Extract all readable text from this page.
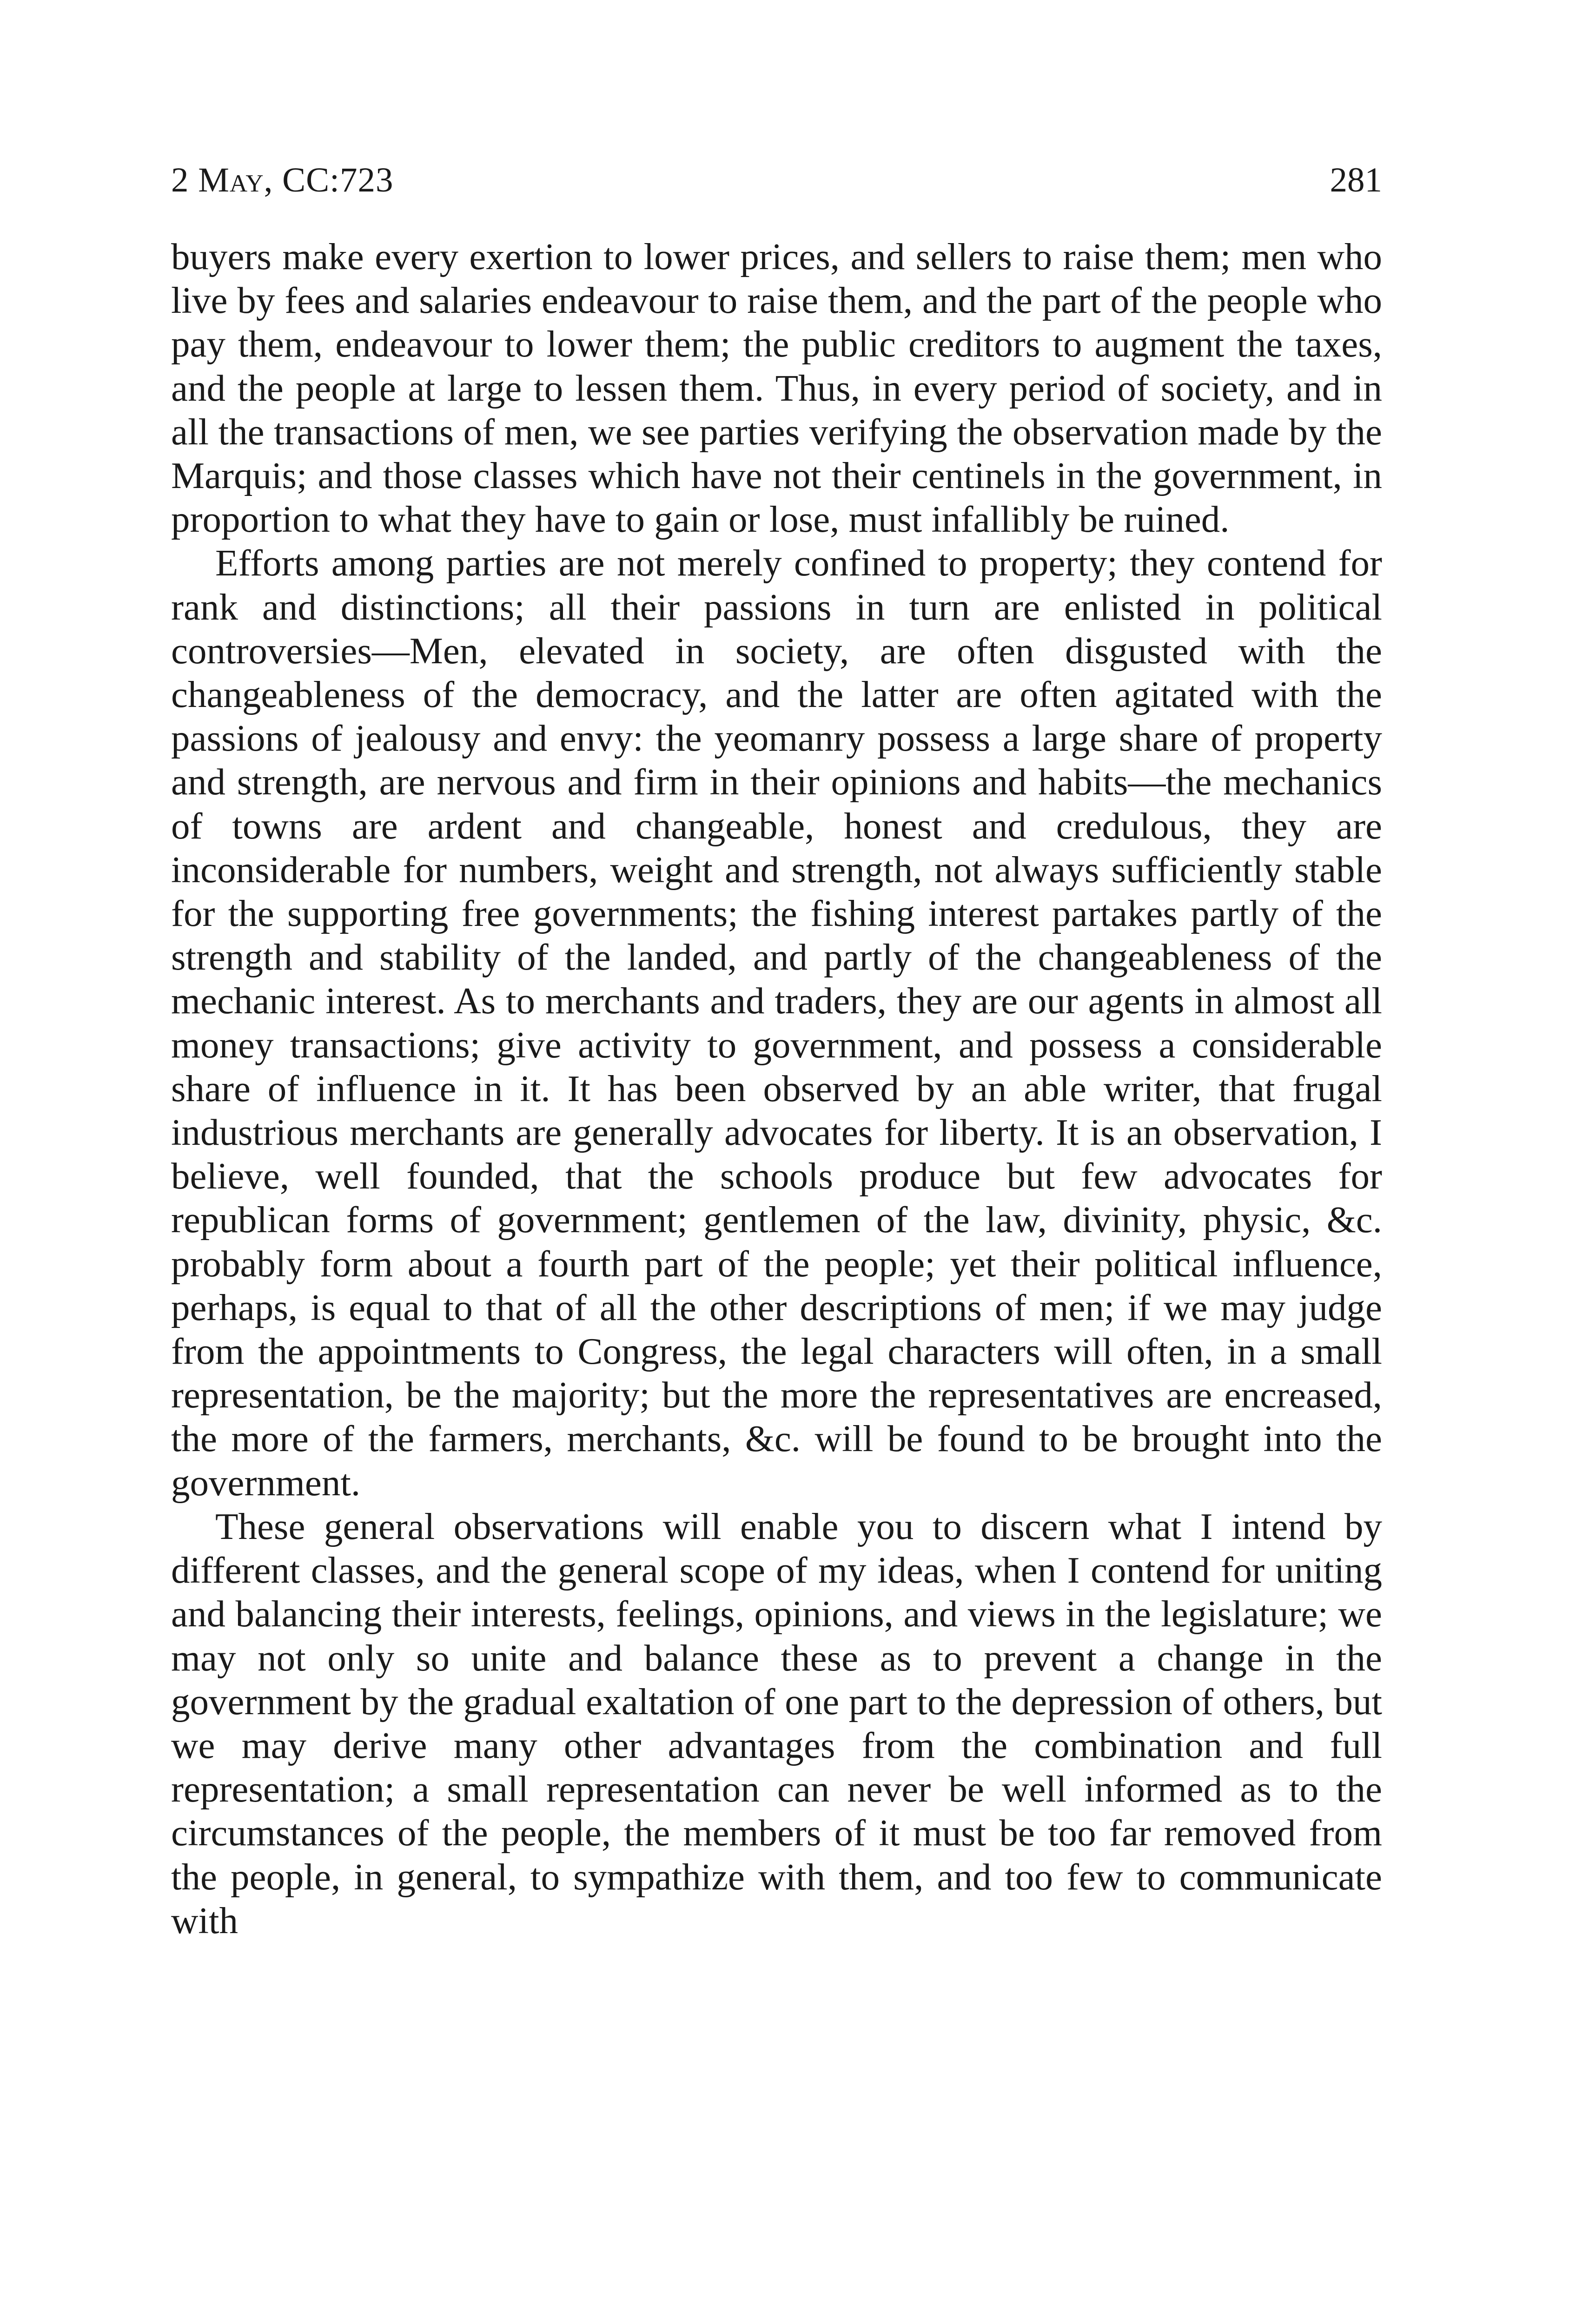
2 May, CC:723	281

buyers make every exertion to lower prices, and sellers to raise them; men who live by fees and salaries endeavour to raise them, and the part of the people who pay them, endeavour to lower them; the public creditors to augment the taxes, and the people at large to lessen them. Thus, in every period of society, and in all the transactions of men, we see parties verifying the observation made by the Marquis; and those classes which have not their centinels in the government, in proportion to what they have to gain or lose, must infallibly be ruined.

Efforts among parties are not merely confined to property; they contend for rank and distinctions; all their passions in turn are enlisted in political controversies—Men, elevated in society, are often disgusted with the changeableness of the democracy, and the latter are often agitated with the passions of jealousy and envy: the yeomanry possess a large share of property and strength, are nervous and firm in their opinions and habits—the mechanics of towns are ardent and changeable, honest and credulous, they are inconsiderable for numbers, weight and strength, not always sufficiently stable for the supporting free governments; the fishing interest partakes partly of the strength and stability of the landed, and partly of the changeableness of the mechanic interest. As to merchants and traders, they are our agents in almost all money transactions; give activity to government, and possess a considerable share of influence in it. It has been observed by an able writer, that frugal industrious merchants are generally advocates for liberty. It is an observation, I believe, well founded, that the schools produce but few advocates for republican forms of government; gentlemen of the law, divinity, physic, &c. probably form about a fourth part of the people; yet their political influence, perhaps, is equal to that of all the other descriptions of men; if we may judge from the appointments to Congress, the legal characters will often, in a small representation, be the majority; but the more the representatives are encreased, the more of the farmers, merchants, &c. will be found to be brought into the government.

These general observations will enable you to discern what I intend by different classes, and the general scope of my ideas, when I contend for uniting and balancing their interests, feelings, opinions, and views in the legislature; we may not only so unite and balance these as to prevent a change in the government by the gradual exaltation of one part to the depression of others, but we may derive many other advantages from the combination and full representation; a small representation can never be well informed as to the circumstances of the people, the members of it must be too far removed from the people, in general, to sympathize with them, and too few to communicate with
